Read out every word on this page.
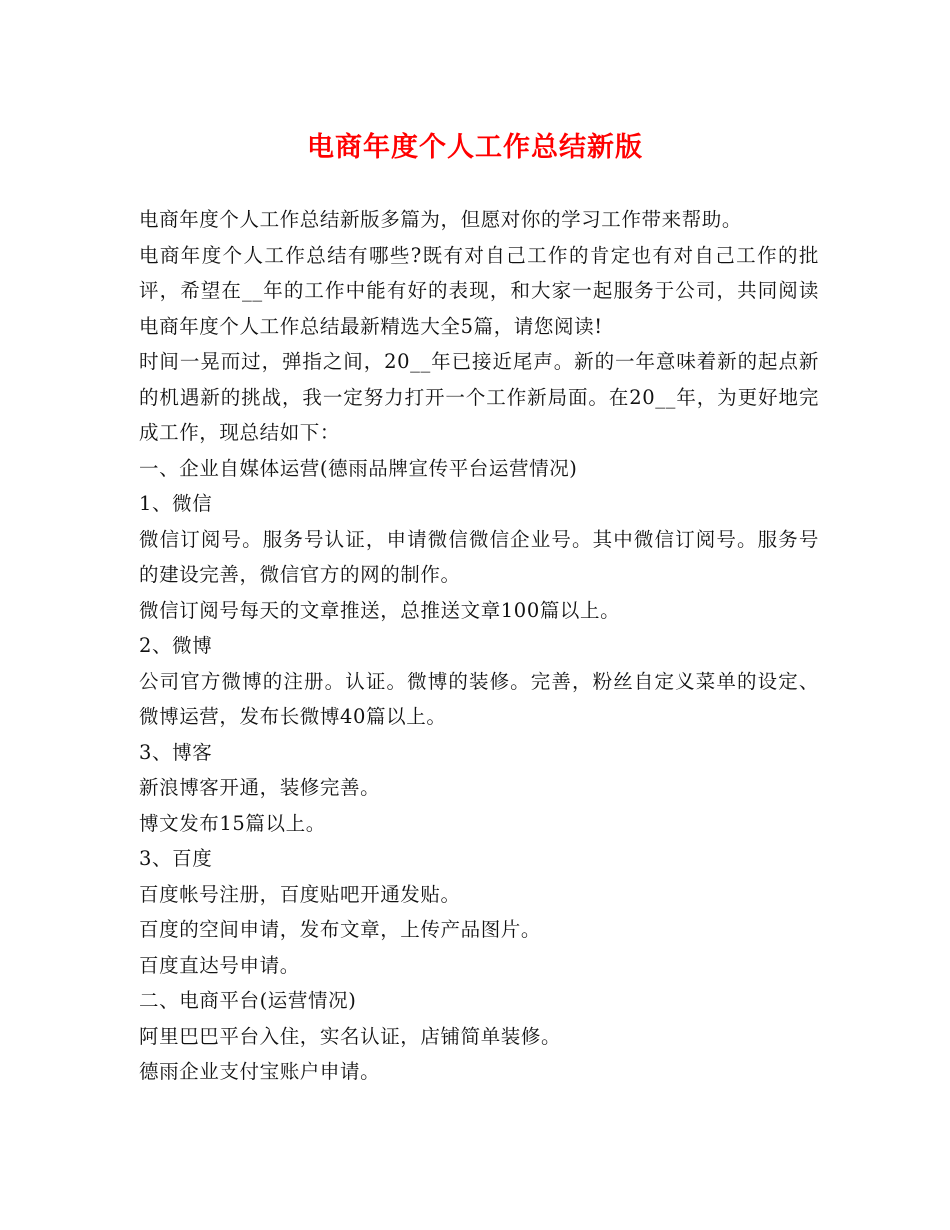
电商年度个人工作总结新版

电商年度个人工作总结新版多篇为，但愿对你的学习工作带来帮助。

电商年度个人工作总结有哪些?既有对自己工作的肯定也有对自己工作的批评，希望在__年的工作中能有好的表现，和大家一起服务于公司，共同阅读电商年度个人工作总结最新精选大全5篇，请您阅读!

时间一晃而过，弹指之间，20__年已接近尾声。新的一年意味着新的起点新的机遇新的挑战，我一定努力打开一个工作新局面。在20__年，为更好地完成工作，现总结如下：

一、企业自媒体运营(德雨品牌宣传平台运营情况)

1、微信

微信订阅号。服务号认证，申请微信微信企业号。其中微信订阅号。服务号的建设完善，微信官方的网的制作。

微信订阅号每天的文章推送，总推送文章100篇以上。

2、微博

公司官方微博的注册。认证。微博的装修。完善，粉丝自定义菜单的设定、微博运营，发布长微博40篇以上。

3、博客

新浪博客开通，装修完善。

博文发布15篇以上。

3、百度

百度帐号注册，百度贴吧开通发贴。

百度的空间申请，发布文章，上传产品图片。

百度直达号申请。

二、电商平台(运营情况)

阿里巴巴平台入住，实名认证，店铺简单装修。

德雨企业支付宝账户申请。
